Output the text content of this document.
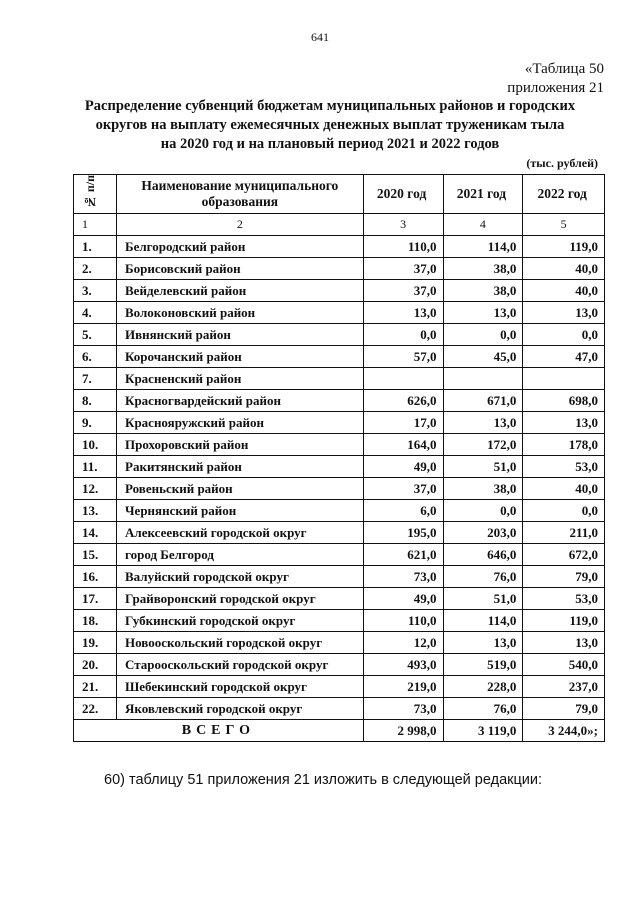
641
«Таблица 50
приложения 21
Распределение субвенций бюджетам муниципальных районов и городских
округов на выплату ежемесячных денежных выплат труженикам тыла
на 2020 год и на плановый период 2021 и 2022 годов
(тыс. рублей)
№ п/п	Наименование муниципального образования	2020 год	2021 год	2022 год
1	2	3	4	5
1.	Белгородский район	110,0	114,0	119,0
2.	Борисовский район	37,0	38,0	40,0
3.	Вейделевский район	37,0	38,0	40,0
4.	Волоконовский район	13,0	13,0	13,0
5.	Ивнянский район	0,0	0,0	0,0
6.	Корочанский район	57,0	45,0	47,0
7.	Красненский район			
8.	Красногвардейский район	626,0	671,0	698,0
9.	Краснояружский район	17,0	13,0	13,0
10.	Прохоровский район	164,0	172,0	178,0
11.	Ракитянский район	49,0	51,0	53,0
12.	Ровеньский район	37,0	38,0	40,0
13.	Чернянский район	6,0	0,0	0,0
14.	Алексеевский городской округ	195,0	203,0	211,0
15.	город Белгород	621,0	646,0	672,0
16.	Валуйский городской округ	73,0	76,0	79,0
17.	Грайворонский городской округ	49,0	51,0	53,0
18.	Губкинский городской округ	110,0	114,0	119,0
19.	Новооскольский городской округ	12,0	13,0	13,0
20.	Старооскольский городской округ	493,0	519,0	540,0
21.	Шебекинский городской округ	219,0	228,0	237,0
22.	Яковлевский городской округ	73,0	76,0	79,0
ВСЕГО		2 998,0	3 119,0	3 244,0»;
60) таблицу 51 приложения 21 изложить в следующей редакции:
